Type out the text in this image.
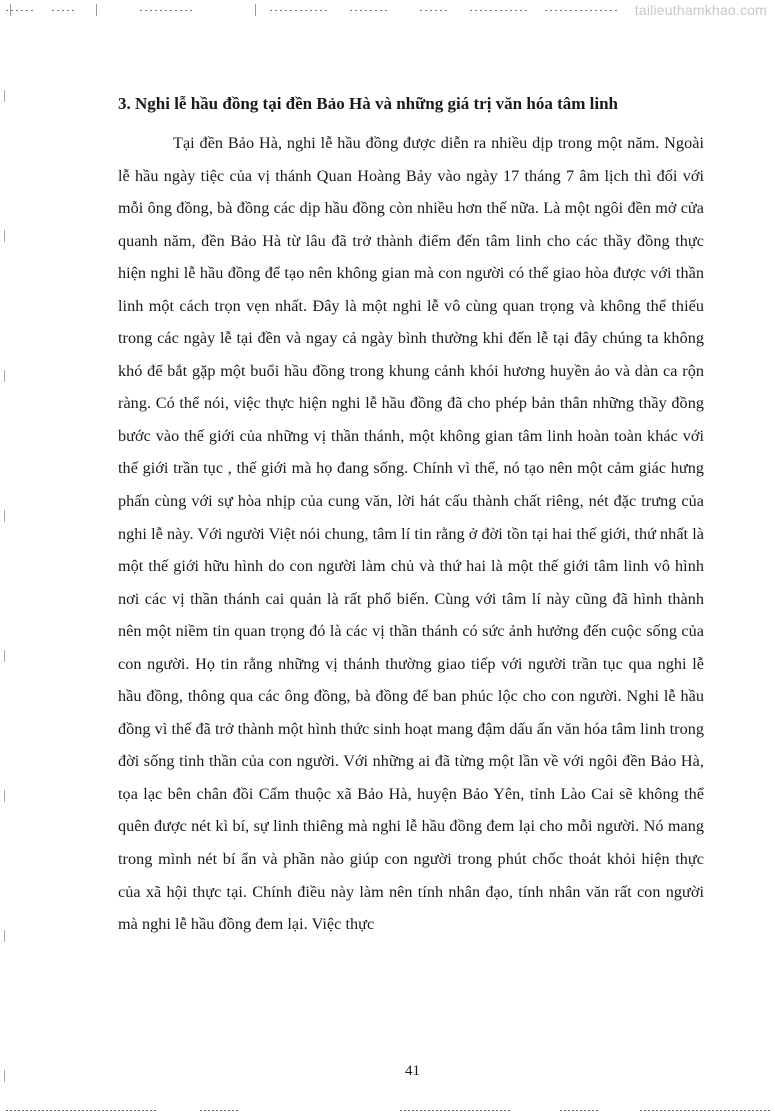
tailieuthamkhao.com
3. Nghi lễ hầu đồng tại đền Bảo Hà và những giá trị văn hóa tâm linh

Tại đền Bảo Hà, nghi lễ hầu đồng được diễn ra nhiều dịp trong một năm. Ngoài lễ hầu ngày tiệc của vị thánh Quan Hoàng Bảy vào ngày 17 tháng 7 âm lịch thì đối với mỗi ông đồng, bà đồng các dịp hầu đồng còn nhiều hơn thế nữa. Là một ngôi đền mở cửa quanh năm, đền Bảo Hà từ lâu đã trở thành điểm đến tâm linh cho các thầy đồng thực hiện nghi lễ hầu đồng để tạo nên không gian mà con người có thể giao hòa được với thần linh một cách trọn vẹn nhất. Đây là một nghi lễ vô cùng quan trọng và không thể thiếu trong các ngày lễ tại đền và ngay cả ngày bình thường khi đến lễ tại đây chúng ta không khó để bắt gặp một buổi hầu đồng trong khung cảnh khói hương huyền ảo và dàn ca rộn ràng. Có thể nói, việc thực hiện nghi lễ hầu đồng đã cho phép bản thân những thầy đồng bước vào thế giới của những vị thần thánh, một không gian tâm linh hoàn toàn khác với thế giới trần tục , thế giới mà họ đang sống. Chính vì thế, nó tạo nên một cảm giác hưng phấn cùng với sự hòa nhịp của cung văn, lời hát cấu thành chất riêng, nét đặc trưng của nghi lễ này. Với người Việt nói chung, tâm lí tin rằng ở đời tồn tại hai thế giới, thứ nhất là một thế giới hữu hình do con người làm chủ và thứ hai là một thế giới tâm linh vô hình nơi các vị thần thánh cai quản là rất phổ biến. Cùng với tâm lí này cũng đã hình thành nên một niềm tin quan trọng đó là các vị thần thánh có sức ảnh hưởng đến cuộc sống của con người. Họ tin rằng những vị thánh thường giao tiếp với người trần tục qua nghi lễ hầu đồng, thông qua các ông đồng, bà đồng để ban phúc lộc cho con người. Nghi lễ hầu đồng vì thế đã trở thành một hình thức sinh hoạt mang đậm dấu ấn văn hóa tâm linh trong đời sống tinh thần của con người. Với những ai đã từng một lần về với ngôi đền Bảo Hà, tọa lạc bên chân đồi Cấm thuộc xã Bảo Hà, huyện Bảo Yên, tỉnh Lào Cai sẽ không thể quên được nét kì bí, sự linh thiêng mà nghi lễ hầu đồng đem lại cho mỗi người. Nó mang trong mình nét bí ẩn và phần nào giúp con người trong phút chốc thoát khỏi hiện thực của xã hội thực tại. Chính điều này làm nên tính nhân đạo, tính nhân văn rất con người mà nghi lễ hầu đồng đem lại. Việc thực

41
